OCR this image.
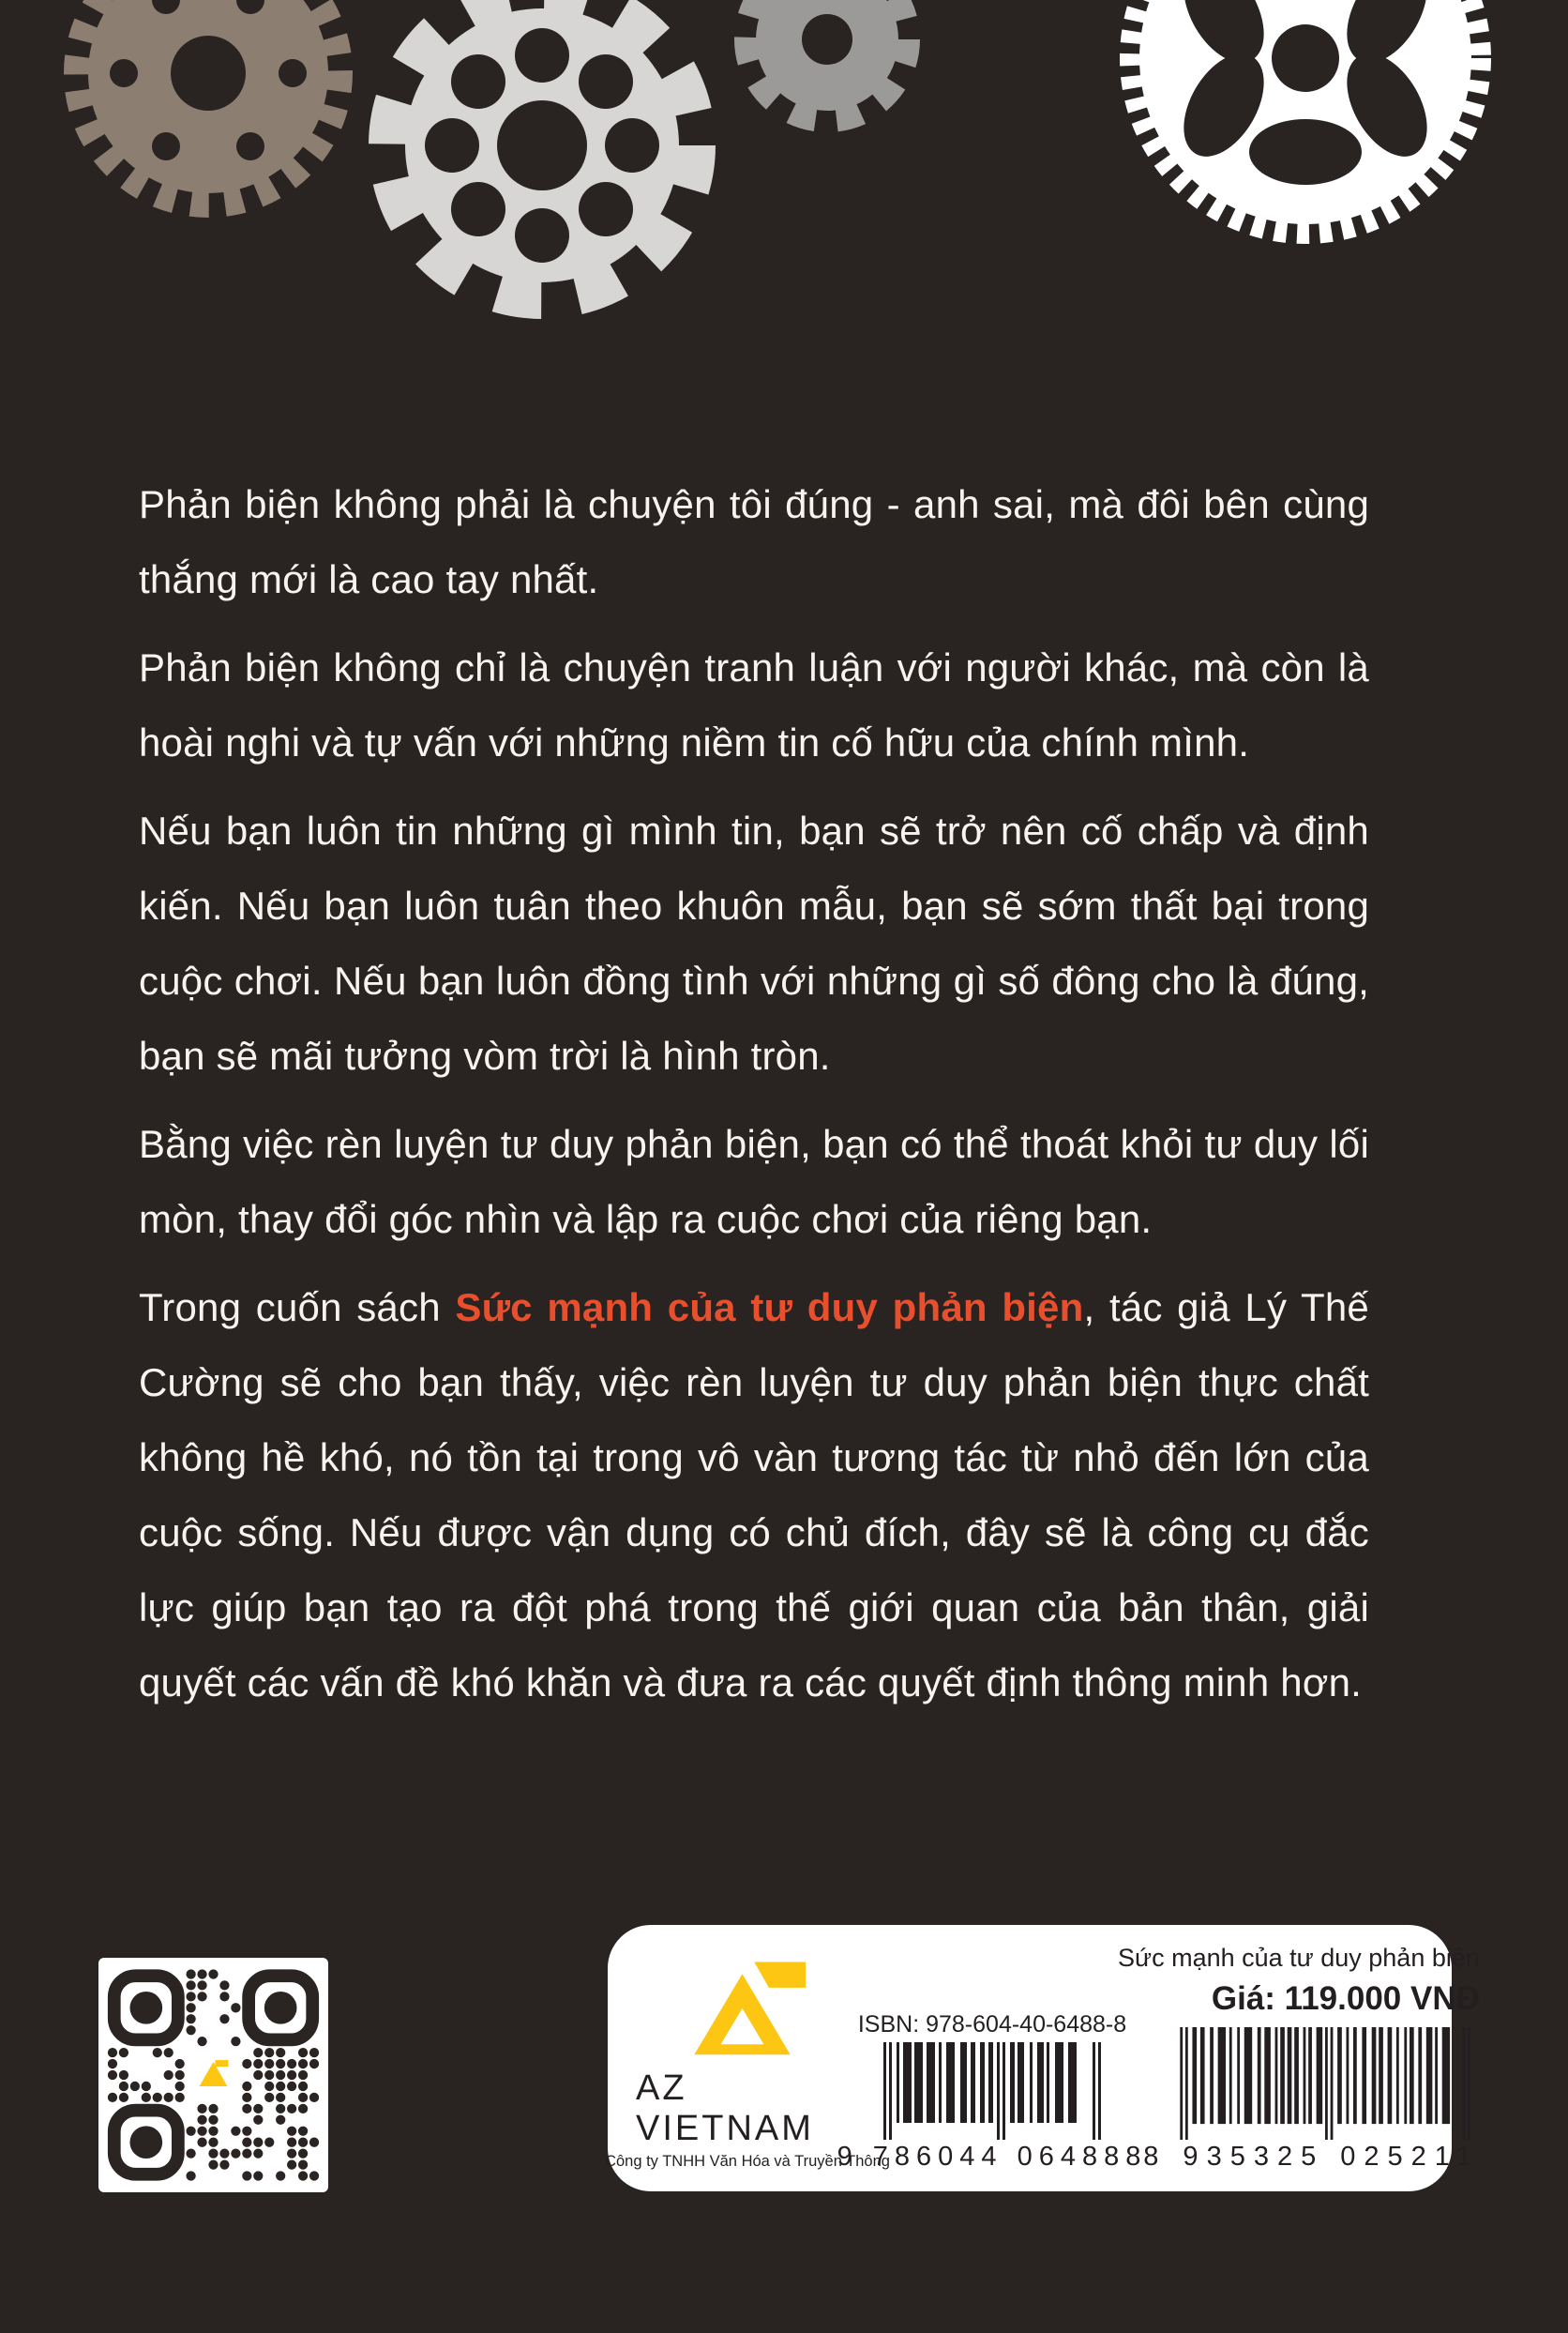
Phản biện không phải là chuyện tôi đúng - anh sai, mà đôi bên cùng thắng mới là cao tay nhất.

Phản biện không chỉ là chuyện tranh luận với người khác, mà còn là hoài nghi và tự vấn với những niềm tin cố hữu của chính mình.

Nếu bạn luôn tin những gì mình tin, bạn sẽ trở nên cố chấp và định kiến. Nếu bạn luôn tuân theo khuôn mẫu, bạn sẽ sớm thất bại trong cuộc chơi. Nếu bạn luôn đồng tình với những gì số đông cho là đúng, bạn sẽ mãi tưởng vòm trời là hình tròn.

Bằng việc rèn luyện tư duy phản biện, bạn có thể thoát khỏi tư duy lối mòn, thay đổi góc nhìn và lập ra cuộc chơi của riêng bạn.

Trong cuốn sách Sức mạnh của tư duy phản biện, tác giả Lý Thế Cường sẽ cho bạn thấy, việc rèn luyện tư duy phản biện thực chất không hề khó, nó tồn tại trong vô vàn tương tác từ nhỏ đến lớn của cuộc sống. Nếu được vận dụng có chủ đích, đây sẽ là công cụ đắc lực giúp bạn tạo ra đột phá trong thế giới quan của bản thân, giải quyết các vấn đề khó khăn và đưa ra các quyết định thông minh hơn.

AZ VIETNAM
Công ty TNHH Văn Hóa và Truyền Thông
ISBN: 978-604-40-6488-8
9 786044 064888
Sức mạnh của tư duy phản biện
Giá: 119.000 VNĐ
8 935325 025211
